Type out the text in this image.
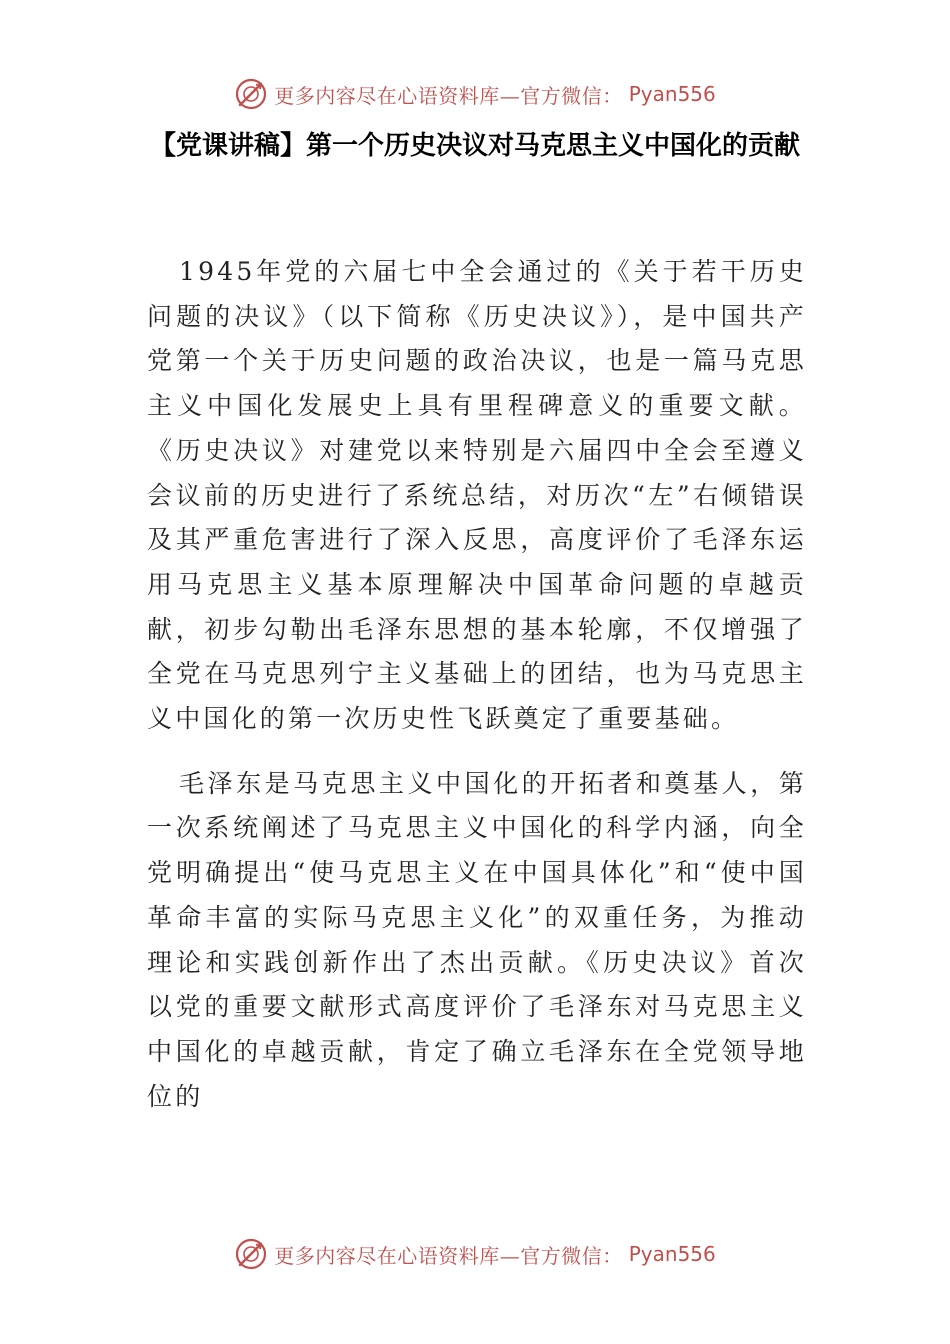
更多内容尽在心语资料库—官方微信： Pyan556
【党课讲稿】第一个历史决议对马克思主义中国化的贡献

1945年党的六届七中全会通过的《关于若干历史问题的决议》（以下简称《历史决议》），是中国共产党第一个关于历史问题的政治决议，也是一篇马克思主义中国化发展史上具有里程碑意义的重要文献。《历史决议》对建党以来特别是六届四中全会至遵义会议前的历史进行了系统总结，对历次“左”右倾错误及其严重危害进行了深入反思，高度评价了毛泽东运用马克思主义基本原理解决中国革命问题的卓越贡献，初步勾勒出毛泽东思想的基本轮廓，不仅增强了全党在马克思列宁主义基础上的团结，也为马克思主义中国化的第一次历史性飞跃奠定了重要基础。

毛泽东是马克思主义中国化的开拓者和奠基人，第一次系统阐述了马克思主义中国化的科学内涵，向全党明确提出“使马克思主义在中国具体化”和“使中国革命丰富的实际马克思主义化”的双重任务，为推动理论和实践创新作出了杰出贡献。《历史决议》首次以党的重要文献形式高度评价了毛泽东对马克思主义中国化的卓越贡献，肯定了确立毛泽东在全党领导地位的

更多内容尽在心语资料库—官方微信： Pyan556
